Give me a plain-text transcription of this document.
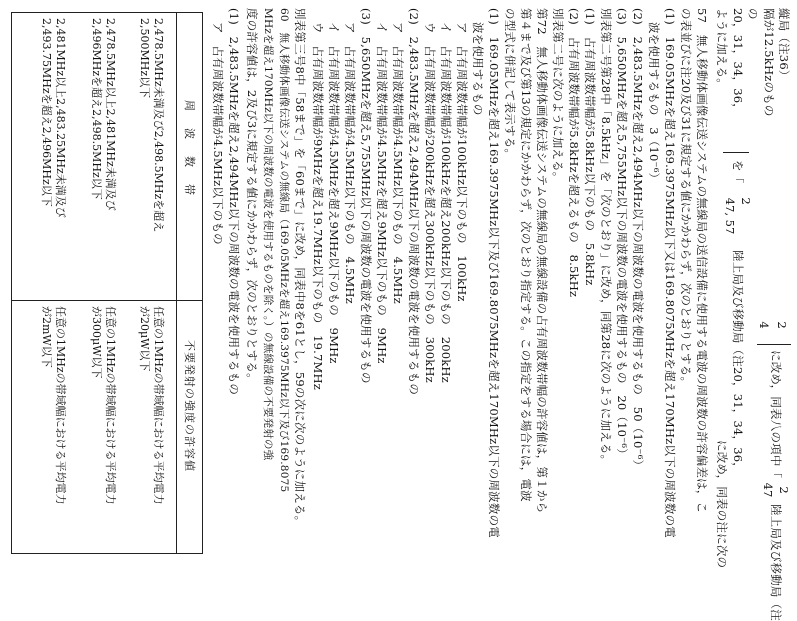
縦局（注36）
隔が12.5kHzのもの
の
20，31，34，36，
を「
2
47, 57
陸上局及び移動局（注20，31，34，36，	2
4
に改め，同表八の項中「
2
47
陸上局及び移動局（注
ように加える。
57　無人移動体画像伝送システムの無線局の送信設備に使用する電波の周波数の許容偏差は，こ
の表並びに注20及び31に規定する値にかかわらず，次のとおりとする。
(1)　169.05MHzを超え169.3975MHz以下又は169.8075MHzを超え170MHz以下の周波数の電
波を使用するもの　3（10⁻⁶）
(2)　2,483.5MHzを超え2,494MHz以下の周波数の電波を使用するもの　50（10⁻⁶）
(3)　5,650MHzを超え5,755MHz以下の周波数の電波を使用するもの　20（10⁻⁶）
別表第二号第28中「8.5kHz」を「次のとおり」に改め，同第28に次のように加える。
(1)　占有周波数帯幅が5.8kHz以下のもの　5.8kHz
(2)　占有周波数帯幅が5.8kHzを超えるもの　8.5kHz
別表第二号に次のように加える。
第72　無人移動体画像伝送システムの無線局の無線設備の占有周波数帯幅の許容値は，第１から
第４まで及び第13の規定にかかわらず，次のとおり指定する。この指定をする場合には，電波
の型式に併記して表示する。
(1)　169.05MHzを超え169.3975MHz以下及び169.8075MHzを超え170MHz以下の周波数の電
波を使用するもの
ア　占有周波数帯幅が100kHz以下のもの　100kHz
イ　占有周波数帯幅が100kHzを超え200kHz以下のもの　200kHz
ウ　占有周波数帯幅が200kHzを超え300kHz以下のもの　300kHz
(2)　2,483.5MHzを超え2,494MHz以下の周波数の電波を使用するもの
ア　占有周波数帯幅が4.5MHz以下のもの　4.5MHz
イ　占有周波数帯幅が4.5MHzを超え9MHz以下のもの　9MHz
(3)　5,650MHzを超え5,755MHz以下の周波数の電波を使用するもの
ア　占有周波数帯幅が4.5MHz以下のもの　4.5MHz
イ　占有周波数帯幅が4.5MHzを超え9MHz以下のもの　9MHz
ウ　占有周波数帯幅が9MHzを超え19.7MHz以下のもの　19.7MHz
別表第三号8中「58まで」を「60まで」に改め，同表中8を61とし，59の次に次のように加える。
60　無人移動体画像伝送システムの無線局（169.05MHzを超え169.3975MHz以下及び169.8075
MHzを超え170MHz以下の周波数の電波を使用するものを除く。）の無線設備の不要発射の強
度の許容値は，2及び3に規定する値にかかわらず，次のとおりとする。
(1)　2,483.5MHzを超え2,494MHz以下の周波数の電波を使用するもの
ア　占有周波数帯幅が4.5MHz以下のもの
周　波　数　帯
不要発射の強度の許容値
2,478.5MHz未満及び2,498.5MHzを超え
2,500MHz以下
任意の1MHzの帯域幅における平均電力
が20μW以下
2,478.5MHz以上2,481MHz未満及び
2,496MHzを超え2,498.5MHz以下
任意の1MHzの帯域幅における平均電力
が300μW以下
2,481MHz以上2,483.25MHz未満及び
2,493.75MHzを超え2,496MHz以下
任意の1MHzの帯域幅における平均電力
が2mW以下
に改め，同表の注に次の
